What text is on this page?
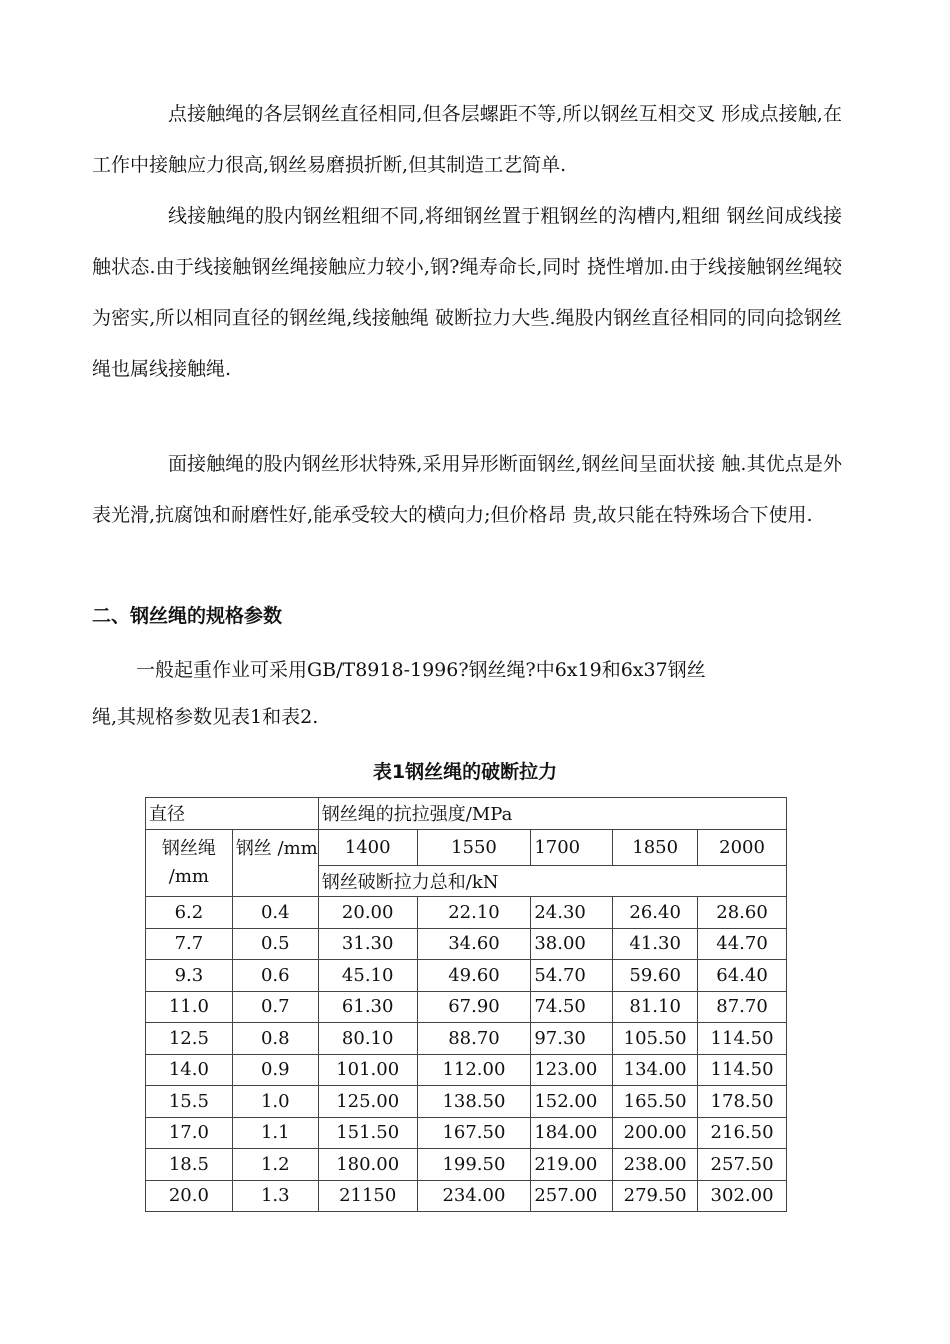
点接触绳的各层钢丝直径相同,但各层螺距不等,所以钢丝互相交叉 形成点接触,在工作中接触应力很高,钢丝易磨损折断,但其制造工艺简单.

线接触绳的股内钢丝粗细不同,将细钢丝置于粗钢丝的沟槽内,粗细 钢丝间成线接触状态.由于线接触钢丝绳接触应力较小,钢?绳寿命长,同时 挠性增加.由于线接触钢丝绳较为密实,所以相同直径的钢丝绳,线接触绳 破断拉力大些.绳股内钢丝直径相同的同向捻钢丝绳也属线接触绳.

面接触绳的股内钢丝形状特殊,采用异形断面钢丝,钢丝间呈面状接 触.其优点是外表光滑,抗腐蚀和耐磨性好,能承受较大的横向力;但价格昂 贵,故只能在特殊场合下使用.

二、钢丝绳的规格参数

一般起重作业可采用GB/T8918-1996?钢丝绳?中6x19和6x37钢丝

绳,其规格参数见表1和表2.

表1钢丝绳的破断拉力

直径		钢丝绳的抗拉强度/MPa				

钢丝绳
/mm	钢丝 /mm	1400	1550	1700	1850	2000
		钢丝破断拉力总和/kN				
6.2	0.4	20.00	22.10	24.30	26.40	28.60
7.7	0.5	31.30	34.60	38.00	41.30	44.70
9.3	0.6	45.10	49.60	54.70	59.60	64.40
11.0	0.7	61.30	67.90	74.50	81.10	87.70
12.5	0.8	80.10	88.70	97.30	105.50	114.50
14.0	0.9	101.00	112.00	123.00	134.00	114.50
15.5	1.0	125.00	138.50	152.00	165.50	178.50
17.0	1.1	151.50	167.50	184.00	200.00	216.50
18.5	1.2	180.00	199.50	219.00	238.00	257.50
20.0	1.3	21150	234.00	257.00	279.50	302.00
